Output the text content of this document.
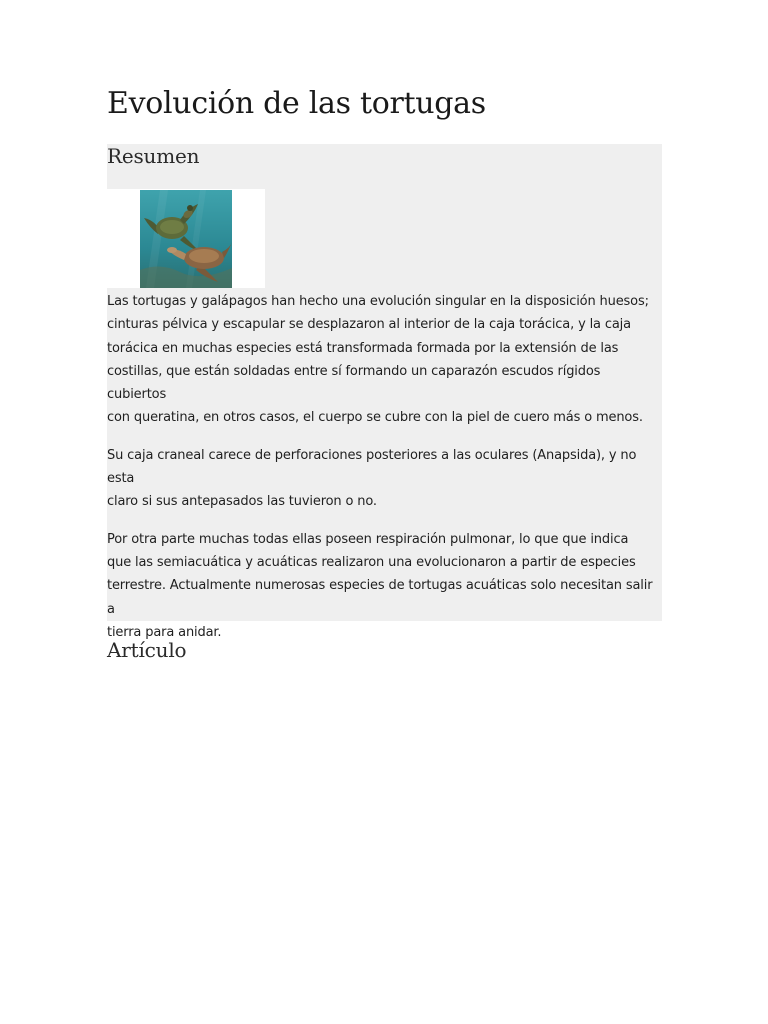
Evolución de las tortugas
Resumen

Las tortugas y galápagos han hecho una evolución singular en la disposición huesos;
cinturas pélvica y escapular se desplazaron al interior de la caja torácica, y la caja
torácica en muchas especies está transformada formada por la extensión de las
costillas, que están soldadas entre sí formando un caparazón escudos rígidos cubiertos
con queratina, en otros casos, el cuerpo se cubre con la piel de cuero más o menos.

Su caja craneal carece de perforaciones posteriores a las oculares (Anapsida), y no esta
claro si sus antepasados las tuvieron o no.

Por otra parte muchas todas ellas poseen respiración pulmonar, lo que que indica
que las semiacuática y acuáticas realizaron una evolucionaron a partir de especies
terrestre. Actualmente numerosas especies de tortugas acuáticas solo necesitan salir a
tierra para anidar.

Artículo
